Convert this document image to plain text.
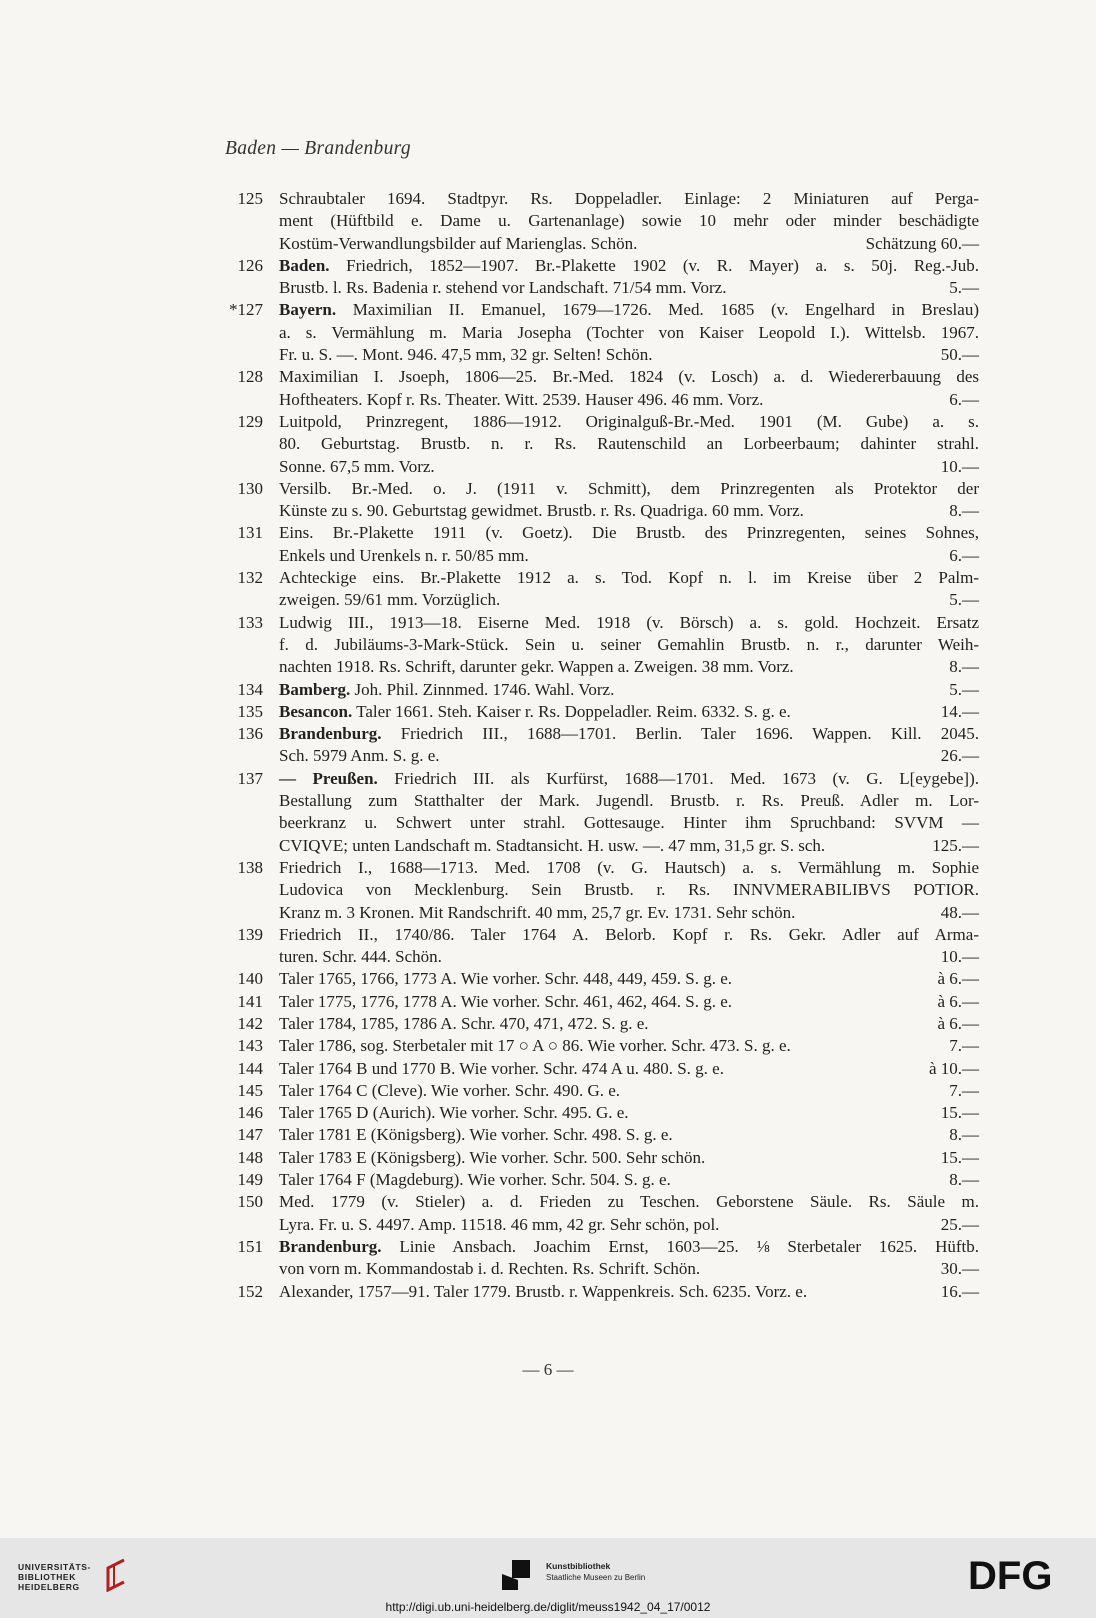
Baden — Brandenburg
125 Schraubtaler 1694. Stadtpyr. Rs. Doppeladler. Einlage: 2 Miniaturen auf Perga-
ment (Hüftbild e. Dame u. Gartenanlage) sowie 10 mehr oder minder beschädigte
Kostüm-Verwandlungsbilder auf Marienglas. Schön.	Schätzung 60.—
126 Baden. Friedrich, 1852—1907. Br.-Plakette 1902 (v. R. Mayer) a. s. 50j. Reg.-Jub.
Brustb. l. Rs. Badenia r. stehend vor Landschaft. 71/54 mm. Vorz.	5.—
*127 Bayern. Maximilian II. Emanuel, 1679—1726. Med. 1685 (v. Engelhard in Breslau)
a. s. Vermählung m. Maria Josepha (Tochter von Kaiser Leopold I.). Wittelsb. 1967.
Fr. u. S. —. Mont. 946. 47,5 mm, 32 gr. Selten! Schön.	50.—
128 Maximilian I. Jsoeph, 1806—25. Br.-Med. 1824 (v. Losch) a. d. Wiedererbauung des
Hoftheaters. Kopf r. Rs. Theater. Witt. 2539. Hauser 496. 46 mm. Vorz.	6.—
129 Luitpold, Prinzregent, 1886—1912. Originalguß-Br.-Med. 1901 (M. Gube) a. s.
80. Geburtstag. Brustb. n. r. Rs. Rautenschild an Lorbeerbaum; dahinter strahl.
Sonne. 67,5 mm. Vorz.	10.—
130 Versilb. Br.-Med. o. J. (1911 v. Schmitt), dem Prinzregenten als Protektor der
Künste zu s. 90. Geburtstag gewidmet. Brustb. r. Rs. Quadriga. 60 mm. Vorz.	8.—
131 Eins. Br.-Plakette 1911 (v. Goetz). Die Brustb. des Prinzregenten, seines Sohnes,
Enkels und Urenkels n. r. 50/85 mm.	6.—
132 Achteckige eins. Br.-Plakette 1912 a. s. Tod. Kopf n. l. im Kreise über 2 Palm-
zweigen. 59/61 mm. Vorzüglich.	5.—
133 Ludwig III., 1913—18. Eiserne Med. 1918 (v. Börsch) a. s. gold. Hochzeit. Ersatz
f. d. Jubiläums-3-Mark-Stück. Sein u. seiner Gemahlin Brustb. n. r., darunter Weih-
nachten 1918. Rs. Schrift, darunter gekr. Wappen a. Zweigen. 38 mm. Vorz.	8.—
134 Bamberg. Joh. Phil. Zinnmed. 1746. Wahl. Vorz.	5.—
135 Besancon. Taler 1661. Steh. Kaiser r. Rs. Doppeladler. Reim. 6332. S. g. e.	14.—
136 Brandenburg. Friedrich III., 1688—1701. Berlin. Taler 1696. Wappen. Kill. 2045.
Sch. 5979 Anm. S. g. e.	26.—
137 — Preußen. Friedrich III. als Kurfürst, 1688—1701. Med. 1673 (v. G. L[eygebe]).
Bestallung zum Statthalter der Mark. Jugendl. Brustb. r. Rs. Preuß. Adler m. Lor-
beerkranz u. Schwert unter strahl. Gottesauge. Hinter ihm Spruchband: SVVM —
CVIQVE; unten Landschaft m. Stadtansicht. H. usw. —. 47 mm, 31,5 gr. S. sch.	125.—
138 Friedrich I., 1688—1713. Med. 1708 (v. G. Hautsch) a. s. Vermählung m. Sophie
Ludovica von Mecklenburg. Sein Brustb. r. Rs. INNVMERABILIBVS POTIOR.
Kranz m. 3 Kronen. Mit Randschrift. 40 mm, 25,7 gr. Ev. 1731. Sehr schön.	48.—
139 Friedrich II., 1740/86. Taler 1764 A. Belorb. Kopf r. Rs. Gekr. Adler auf Arma-
turen. Schr. 444. Schön.	10.—
140 Taler 1765, 1766, 1773 A. Wie vorher. Schr. 448, 449, 459. S. g. e.	à 6.—
141 Taler 1775, 1776, 1778 A. Wie vorher. Schr. 461, 462, 464. S. g. e.	à 6.—
142 Taler 1784, 1785, 1786 A. Schr. 470, 471, 472. S. g. e.	à 6.—
143 Taler 1786, sog. Sterbetaler mit 17 ○ A ○ 86. Wie vorher. Schr. 473. S. g. e.	7.—
144 Taler 1764 B und 1770 B. Wie vorher. Schr. 474 A u. 480. S. g. e.	à 10.—
145 Taler 1764 C (Cleve). Wie vorher. Schr. 490. G. e.	7.—
146 Taler 1765 D (Aurich). Wie vorher. Schr. 495. G. e.	15.—
147 Taler 1781 E (Königsberg). Wie vorher. Schr. 498. S. g. e.	8.—
148 Taler 1783 E (Königsberg). Wie vorher. Schr. 500. Sehr schön.	15.—
149 Taler 1764 F (Magdeburg). Wie vorher. Schr. 504. S. g. e.	8.—
150 Med. 1779 (v. Stieler) a. d. Frieden zu Teschen. Geborstene Säule. Rs. Säule m.
Lyra. Fr. u. S. 4497. Amp. 11518. 46 mm, 42 gr. Sehr schön, pol.	25.—
151 Brandenburg. Linie Ansbach. Joachim Ernst, 1603—25. ⅛ Sterbetaler 1625. Hüftb.
von vorn m. Kommandostab i. d. Rechten. Rs. Schrift. Schön.	30.—
152 Alexander, 1757—91. Taler 1779. Brustb. r. Wappenkreis. Sch. 6235. Vorz. e.	16.—
— 6 —
UNIVERSITÄTS-
BIBLIOTHEK
HEIDELBERG
Kunstbibliothek
Staatliche Museen zu Berlin	DFG
http://digi.ub.uni-heidelberg.de/diglit/meuss1942_04_17/0012
